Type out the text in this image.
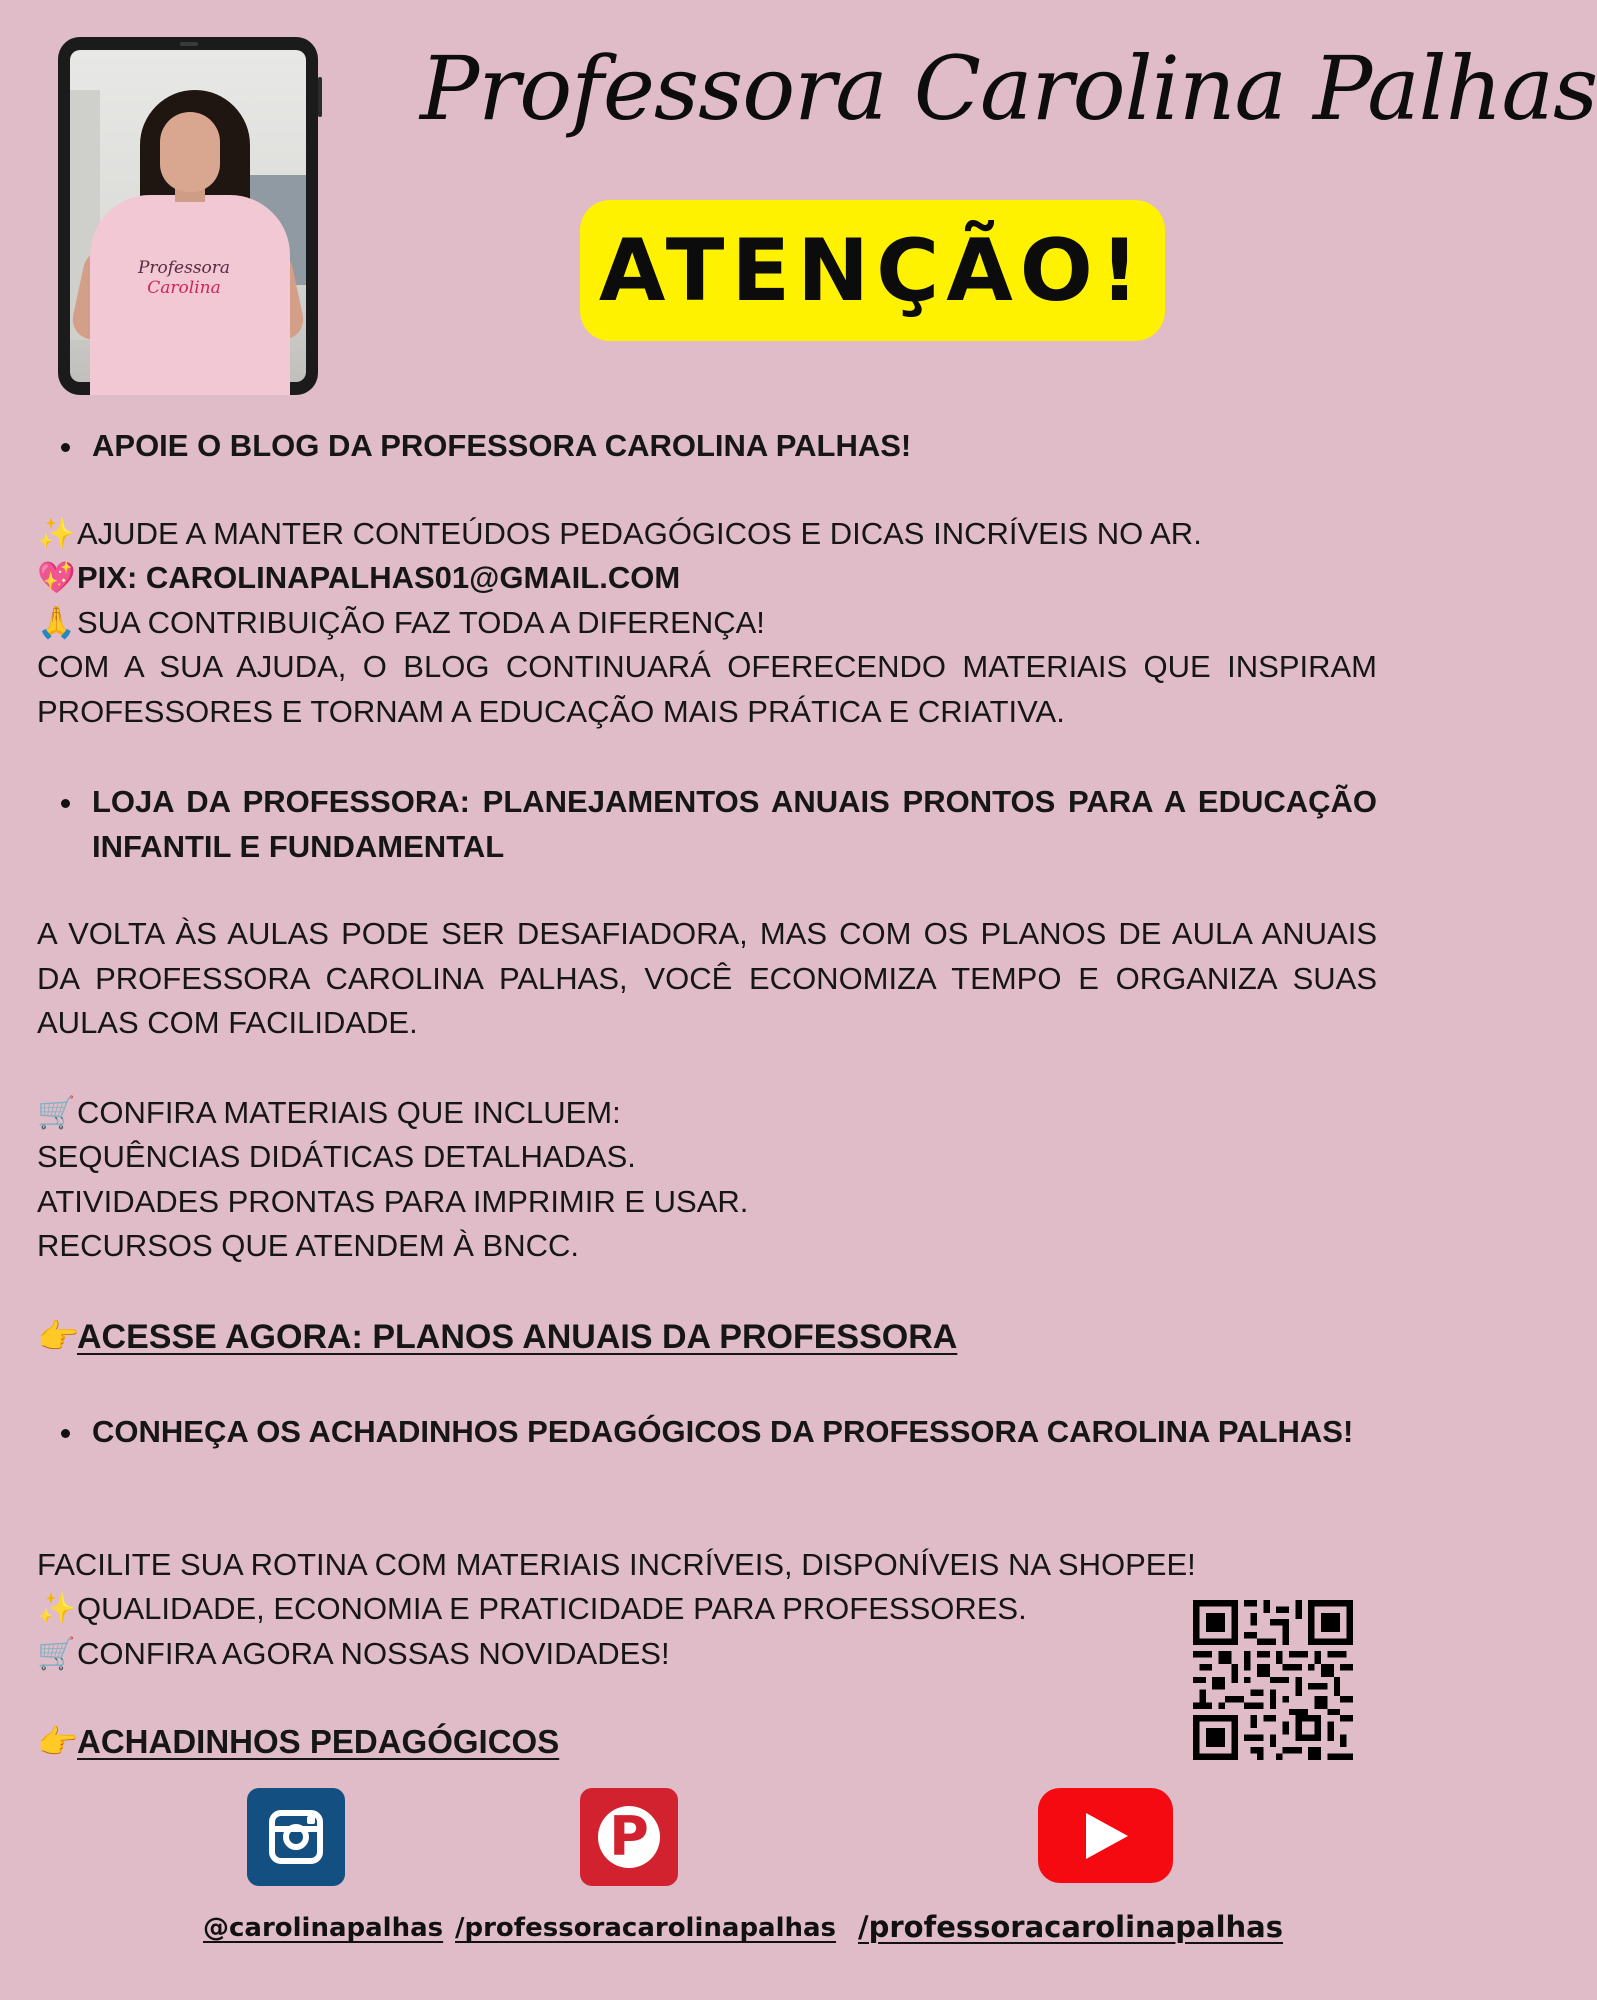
Professora
Carolina
Professora Carolina Palhas
ATENÇÃO!
APOIE O BLOG DA PROFESSORA CAROLINA PALHAS!
✨AJUDE A MANTER CONTEÚDOS PEDAGÓGICOS E DICAS INCRÍVEIS NO AR.
💖PIX: CAROLINAPALHAS01@GMAIL.COM
🙏SUA CONTRIBUIÇÃO FAZ TODA A DIFERENÇA!
COM A SUA AJUDA, O BLOG CONTINUARÁ OFERECENDO MATERIAIS QUE INSPIRAM PROFESSORES E TORNAM A EDUCAÇÃO MAIS PRÁTICA E CRIATIVA.
LOJA DA PROFESSORA: PLANEJAMENTOS ANUAIS PRONTOS PARA A EDUCAÇÃO INFANTIL E FUNDAMENTAL
A VOLTA ÀS AULAS PODE SER DESAFIADORA, MAS COM OS PLANOS DE AULA ANUAIS DA PROFESSORA CAROLINA PALHAS, VOCÊ ECONOMIZA TEMPO E ORGANIZA SUAS AULAS COM FACILIDADE.
🛒CONFIRA MATERIAIS QUE INCLUEM:
SEQUÊNCIAS DIDÁTICAS DETALHADAS.
ATIVIDADES PRONTAS PARA IMPRIMIR E USAR.
RECURSOS QUE ATENDEM À BNCC.
👉ACESSE AGORA: PLANOS ANUAIS DA PROFESSORA
CONHEÇA OS ACHADINHOS PEDAGÓGICOS DA PROFESSORA CAROLINA PALHAS!
FACILITE SUA ROTINA COM MATERIAIS INCRÍVEIS, DISPONÍVEIS NA SHOPEE!
✨QUALIDADE, ECONOMIA E PRATICIDADE PARA PROFESSORES.
🛒CONFIRA AGORA NOSSAS NOVIDADES!
👉ACHADINHOS PEDAGÓGICOS
P
@carolinapalhas /professoracarolinapalhas /professoracarolinapalhas
